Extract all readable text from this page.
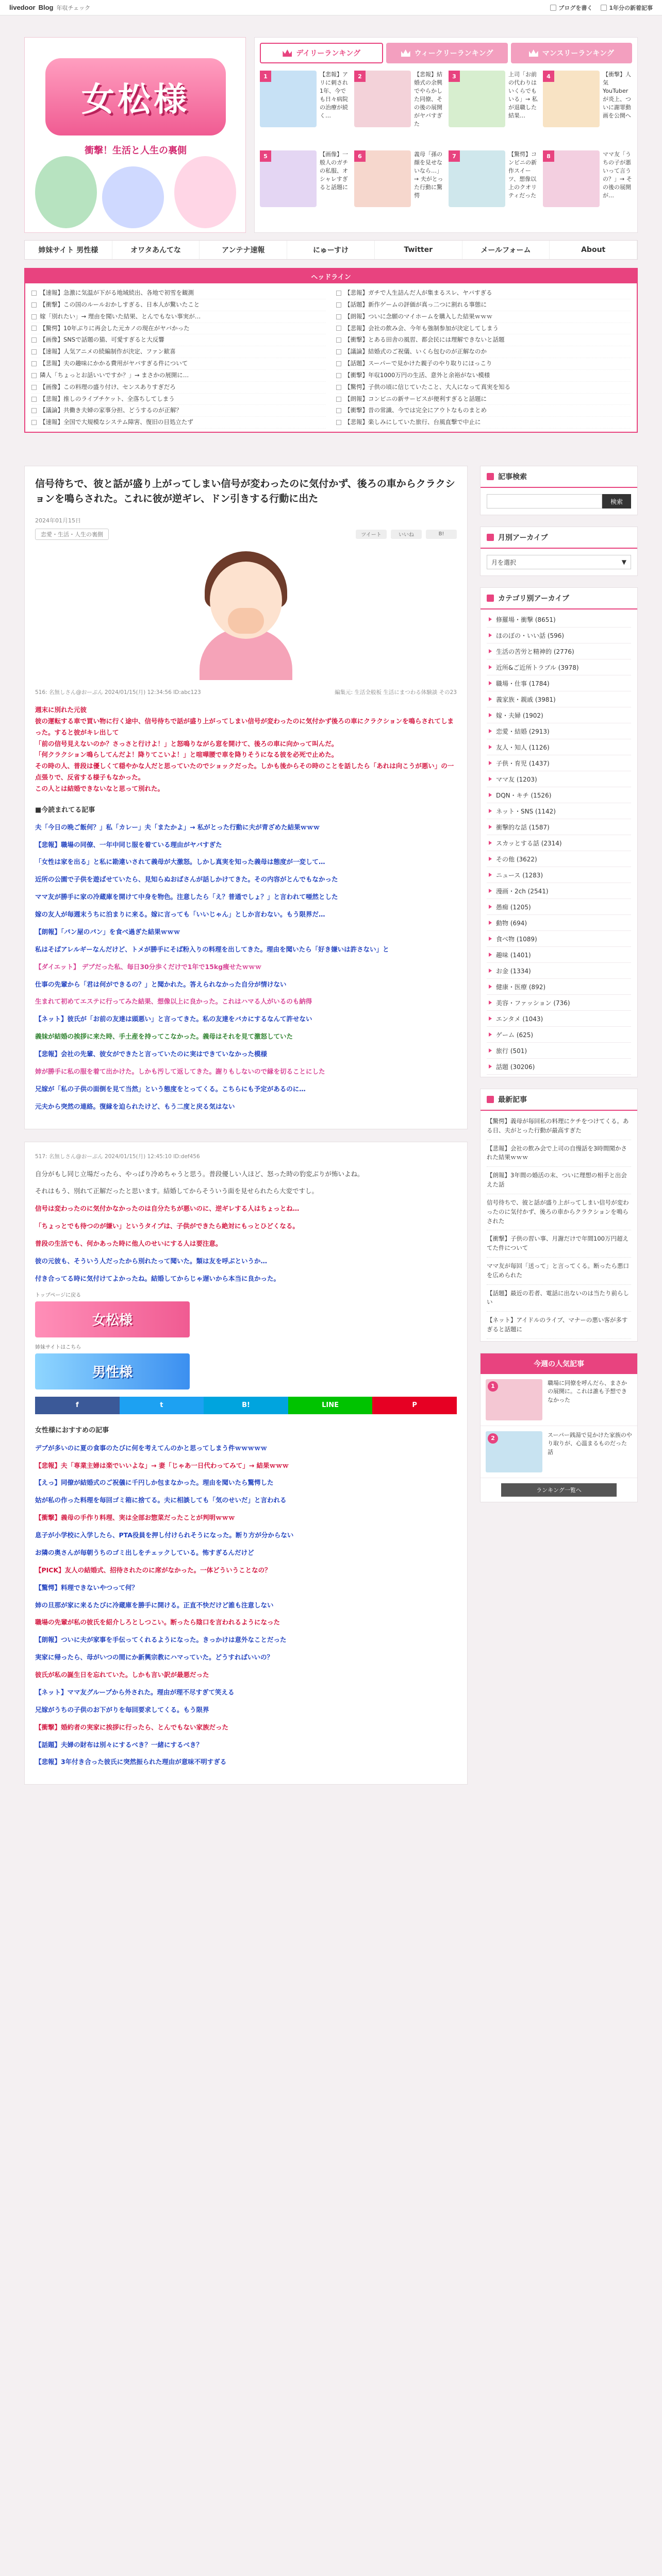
livedoor Blog 年収チェック	ブログを書く	1年分の新着記事
女松様
衝撃！生活と人生の裏側
デイリーランキング	ウィークリーランキング	マンスリーランキング
1	【悲報】アリに刺され1年、今でも日々病院の治療が続く…
2	【悲報】結婚式の余興でやらかした同僚、その後の展開がヤバすぎた
3	上司「お前の代わりはいくらでもいる」→ 私が退職した結果…
4	【衝撃】人気YouTuberが炎上、ついに謝罪動画を公開へ
5	【画像】一般人のガチの私服、オシャレすぎると話題に
6	義母「孫の顔を見せないなら…」→ 夫がとった行動に驚愕
7	【驚愕】コンビニの新作スイーツ、想像以上のクオリティだった
8	ママ友「うちの子が悪いって言うの？」→ その後の展開が…
姉妹サイト 男性様	オワタあんてな	アンテナ速報	にゅーすけ	Twitter	メールフォーム	About
ヘッドライン
【速報】急激に気温が下がる地域続出、各地で初雪を観測	【悲報】ガチで人生詰んだ人が集まるスレ、ヤバすぎる
【衝撃】この国のルールおかしすぎる、日本人が驚いたこと	【話題】新作ゲームの評価が真っ二つに割れる事態に
嫁「別れたい」→ 理由を聞いた結果、とんでもない事実が…	【朗報】ついに念願のマイホームを購入した結果ｗｗｗ
【驚愕】10年ぶりに再会した元カノの現在がヤバかった	【悲報】会社の飲み会、今年も強制参加が決定してしまう
【画像】SNSで話題の猫、可愛すぎると大反響	【衝撃】とある田舎の風習、都会民には理解できないと話題
【速報】人気アニメの続編制作が決定、ファン歓喜	【議論】結婚式のご祝儀、いくら包むのが正解なのか
【悲報】夫の趣味にかかる費用がヤバすぎる件について	【話題】スーパーで見かけた親子のやり取りにほっこり
隣人「ちょっとお話いいですか？」→ まさかの展開に…	【衝撃】年収1000万円の生活、意外と余裕がない模様
【画像】この料理の盛り付け、センスありすぎだろ	【驚愕】子供の頃に信じていたこと、大人になって真実を知る
【悲報】推しのライブチケット、全落ちしてしまう	【朗報】コンビニの新サービスが便利すぎると話題に
【議論】共働き夫婦の家事分担、どうするのが正解？	【衝撃】昔の常識、今では完全にアウトなものまとめ
【速報】全国で大規模なシステム障害、復旧の目処立たず	【悲報】楽しみにしていた旅行、台風直撃で中止に
信号待ちで、彼と話が盛り上がってしまい信号が変わったのに気付かず、後ろの車からクラクションを鳴らされた。これに彼が逆ギレ、ドン引きする行動に出た
2024年01月15日
恋愛・生活・人生の裏側	ツイート	いいね	B!
516: 名無しさん@おーぷん 2024/01/15(月) 12:34:56 ID:abc123	編集元: 生活全般板 生活にまつわる体験談 その23
週末に別れた元彼
彼の運転する車で買い物に行く途中、信号待ちで話が盛り上がってしまい信号が変わったのに気付かず後ろの車にクラクションを鳴らされてしまった。すると彼がキレ出して
「前の信号見えないのか？さっさと行けよ！」と怒鳴りながら窓を開けて、後ろの車に向かって叫んだ。
「何クラクション鳴らしてんだよ！降りてこいよ！」と喧嘩腰で車を降りそうになる彼を必死で止めた。
その時の人、普段は優しくて穏やかな人だと思っていたのでショックだった。しかも後からその時のことを話したら「あれは向こうが悪い」の一点張りで、反省する様子もなかった。
この人とは結婚できないなと思って別れた。
■今読まれてる記事

夫「今日の晩ご飯何？」私「カレー」夫「またかよ」→ 私がとった行動に夫が青ざめた結果ｗｗｗ

【悲報】職場の同僚、一年中同じ服を着ている理由がヤバすぎた

「女性は家を出る」と私に勘違いされて義母が大激怒。しかし真実を知った義母は態度が一変して…

近所の公園で子供を遊ばせていたら、見知らぬおばさんが話しかけてきた。その内容がとんでもなかった

ママ友が勝手に家の冷蔵庫を開けて中身を物色。注意したら「え？普通でしょ？」と言われて唖然とした

嫁の友人が毎週末うちに泊まりに来る。嫁に言っても「いいじゃん」としか言わない。もう限界だ…

【朗報】「パン屋のパン」を食べ過ぎた結果ｗｗｗ

私はそばアレルギーなんだけど、トメが勝手にそば粉入りの料理を出してきた。理由を聞いたら「好き嫌いは許さない」と

【ダイエット】 デブだった私、毎日30分歩くだけで1年で15kg痩せたｗｗｗ

仕事の先輩から「君は何ができるの？」と聞かれた。答えられなかった自分が情けない

生まれて初めてエステに行ってみた結果、想像以上に良かった。これはハマる人がいるのも納得

【ネット】彼氏が「お前の友達は頭悪い」と言ってきた。私の友達をバカにするなんて許せない

義妹が結婚の挨拶に来た時、手土産を持ってこなかった。義母はそれを見て激怒していた

【悲報】会社の先輩、彼女ができたと言っていたのに実はできていなかった模様

姉が勝手に私の服を着て出かけた。しかも汚して返してきた。謝りもしないので縁を切ることにした

兄嫁が「私の子供の面倒を見て当然」という態度をとってくる。こちらにも予定があるのに…

元夫から突然の連絡。復縁を迫られたけど、もう二度と戻る気はない

517: 名無しさん@おーぷん 2024/01/15(月) 12:45:10 ID:def456

自分がもし同じ立場だったら、やっぱり冷めちゃうと思う。普段優しい人ほど、怒った時の豹変ぶりが怖いよね。

それはもう、別れて正解だったと思います。結婚してからそういう面を見せられたら大変ですし。

信号は変わったのに気付かなかったのは自分たちが悪いのに、逆ギレする人はちょっとね…

「ちょっとでも待つのが嫌い」というタイプは、子供ができたら絶対にもっとひどくなる。

普段の生活でも、何かあった時に他人のせいにする人は要注意。

彼の元彼も、そういう人だったから別れたって聞いた。類は友を呼ぶというか…

付き合ってる時に気付けてよかったね。結婚してからじゃ遅いから本当に良かった。

トップページに戻る
女松様
姉妹サイトはこちら
男性様
f	t	B!	LINE	P
女性様におすすめの記事

デブが多いのに夏の食事のたびに何を考えてんのかと思ってしまう件ｗｗｗｗｗ

【悲報】夫「専業主婦は楽でいいよな」→ 妻「じゃあ一日代わってみて」→ 結果ｗｗｗ

【えっ】同僚が結婚式のご祝儀に千円しか包まなかった。理由を聞いたら驚愕した

姑が私の作った料理を毎回ゴミ箱に捨てる。夫に相談しても「気のせいだ」と言われる

【衝撃】義母の手作り料理、実は全部お惣菜だったことが判明ｗｗｗ

息子が小学校に入学したら、PTA役員を押し付けられそうになった。断り方が分からない

お隣の奥さんが毎朝うちのゴミ出しをチェックしている。怖すぎるんだけど

【PICK】友人の結婚式、招待されたのに席がなかった。一体どういうことなの？

【驚愕】料理できないやつって何？

姉の旦那が家に来るたびに冷蔵庫を勝手に開ける。正直不快だけど誰も注意しない

職場の先輩が私の彼氏を紹介しろとしつこい。断ったら陰口を言われるようになった

【朗報】ついに夫が家事を手伝ってくれるようになった。きっかけは意外なことだった

実家に帰ったら、母がいつの間にか新興宗教にハマっていた。どうすればいいの？

彼氏が私の誕生日を忘れていた。しかも言い訳が最悪だった

【ネット】ママ友グループから外された。理由が理不尽すぎて笑える

兄嫁がうちの子供のお下がりを毎回要求してくる。もう限界

【衝撃】婚約者の実家に挨拶に行ったら、とんでもない家族だった

【話題】夫婦の財布は別々にするべき？一緒にするべき？

【悲報】3年付き合った彼氏に突然振られた理由が意味不明すぎる

記事検索
検索
月別アーカイブ
月を選択	▼
カテゴリ別アーカイブ
修羅場・衝撃 (8651)
ほのぼの・いい話 (596)
生活の苦労と精神的 (2776)
近所&ご近所トラブル (3978)
職場・仕事 (1784)
義家族・親戚 (3981)
嫁・夫婦 (1902)
恋愛・結婚 (2913)
友人・知人 (1126)
子供・育児 (1437)
ママ友 (1203)
DQN・キチ (1526)
ネット・SNS (1142)
衝撃的な話 (1587)
スカッとする話 (2314)
その他 (3622)
ニュース (1283)
漫画・2ch (2541)
愚痴 (1205)
動物 (694)
食べ物 (1089)
趣味 (1401)
お金 (1334)
健康・医療 (892)
美容・ファッション (736)
エンタメ (1043)
ゲーム (625)
旅行 (501)
話題 (30206)
最新記事
【驚愕】義母が毎回私の料理にケチをつけてくる。ある日、夫がとった行動が最高すぎた
【悲報】会社の飲み会で上司の自慢話を3時間聞かされた結果ｗｗｗ
【朗報】3年間の婚活の末、ついに理想の相手と出会えた話
信号待ちで、彼と話が盛り上がってしまい信号が変わったのに気付かず、後ろの車からクラクションを鳴らされた
【衝撃】子供の習い事、月謝だけで年間100万円超えてた件について
ママ友が毎回「送って」と言ってくる。断ったら悪口を広められた
【話題】最近の若者、電話に出ないのは当たり前らしい
【ネット】アイドルのライブ、マナーの悪い客が多すぎると話題に
今週の人気記事
1	職場に同僚を呼んだら、まさかの展開に。これは誰も予想できなかった
2	スーパー銭湯で見かけた家族のやり取りが、心温まるものだった話
ランキング一覧へ
